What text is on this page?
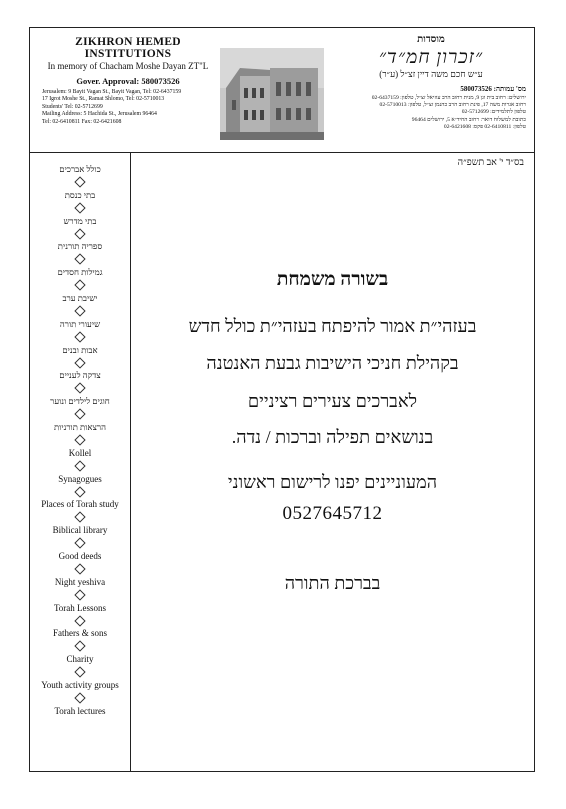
ZIKHRON HEMED
INSTITUTIONS
In memory of Chacham Moshe Dayan ZT"L
Gover. Approval: 580073526
Jerusalem: 9 Bayit Vagan St., Bayit Vagan, Tel: 02-6437159
17 Igrot Moshe St., Ramat Shlomo, Tel: 02-5710013
Students' Tel: 02-5712699
Mailing Address: 5 Hachida St., Jerusalem 96464
Tel: 02-6410811 Fax: 02-6421608
מוסדות
״זכרון חמ״ד״
ע״ש חכם משה דיין זצ״ל (ע״ר)
מס' עמותה: 580073526
ירושלים: רחוב בית וגן 9, מנית רחוב הרב עוזיאל זצ״ל, טלפון: 02-6437159
רחוב אגרות משה 17, פינת רחוב הרב כהנמן זצ״ל, טלפון: 02-5710013
טלפון לתלמידים: 02-5712699
כתובת למשלוח דואר: רחוב החיד״א 5, ירושלים 96464
טלפון: 02-6410811 פקס: 02-6421608
כולל אברכים
בתי כנסת
בתי מדרש
ספריה תורנית
גמילות חסדים
ישיבת ערב
שיעורי תורה
אבות ובנים
צדקה לעניים
חוגים לילדים ונוער
הרצאות תורניות
Kollel
Synagogues
Places of Torah study
Biblical library
Good deeds
Night yeshiva
Torah Lessons
Fathers & sons
Charity
Youth activity groups
Torah lectures
בס״ד י' אב תשפ״ה
בשורה משמחת
בעזהי״ת אמור להיפתח בעזהי״ת כולל חדש
בקהילת חניכי הישיבות גבעת האנטנה
לאברכים צעירים רציניים
בנושאים תפילה וברכות / נדה.
המעוניינים יפנו לרישום ראשוני
0527645712
בברכת התורה
